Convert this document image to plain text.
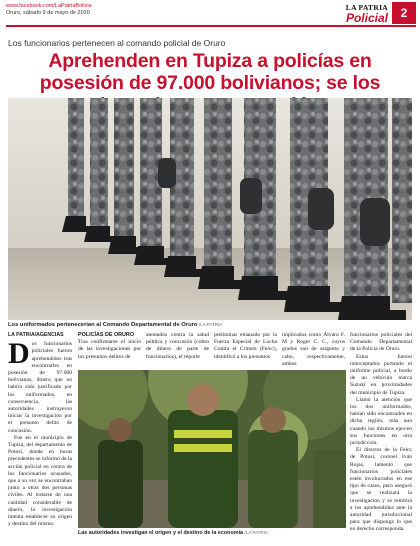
www.facebook.com/LaPatriaBolivia
Oruro, sábado 9 de mayo de 2020
LA PATRIA
Policial	2
Los funcionarios pertenecen al comando policial de Oruro
Aprehenden en Tupiza a policías en posesión de 97.000 bolivianos; se los
Los uniformados pertenecerían al Comando Departamental de Oruro /LA PATRIA
LA PATRIA/AGENCIAS

Dos funcionarios policiales fueron aprehendidos tras encontrarles en posesión de 97.000 bolivianos, dinero que no habría sido justificado por los uniformados, en consecuencia, las autoridades instruyeron iniciar la investigación por el presunto delito de concusión.

Fue en el municipio de Tupiza, del departamento de Potosí, donde en horas precedentes se informó de la acción policial en contra de los funcionarios acusados, que a su vez se encontraban junto a otras dos personas civiles. Al tratarse de una cantidad considerable de dinero, la investigación intenta establecer su origen y destino del mismo.

POLICÍAS DE ORURO
Tras confirmarse el inicio de las investigaciones por los presuntos delitos de
atentados contra la salud pública y concusión (cobro de dinero de parte de funcionarios), el reporte
preliminar emanado por la Fuerza Especial de Lucha Contra el Crimen (Felcc), identificó a los presuntos
implicados como Álvaro F. M y Roger C. C., cuyos grados son de sargento y cabo, respectivamente, ambos
Las autoridades investigan el origen y el destino de la economía /LA PATRIA

funcionarios policiales del Comando Departamental de la Policía de Oruro.

Estos fueron interceptados portando el uniforme policial, a bordo de un vehículo marca Suzuki en proximidades del municipio de Tupiza.

Llamó la atención que los dos uniformados, habían sido encontrados en dicha región, más aun cuando los mismos ejercen sus funciones en otra jurisdicción.

El director de la Felcc de Potosí, coronel Iván Rojas, lamentó que funcionarios policiales estén involucrados en ese tipo de casos, pero aseguró que se realizará la investigación y se remitirá a los aprehendidos ante la autoridad jurisdiccional para que disponga lo que en derecho corresponda.
